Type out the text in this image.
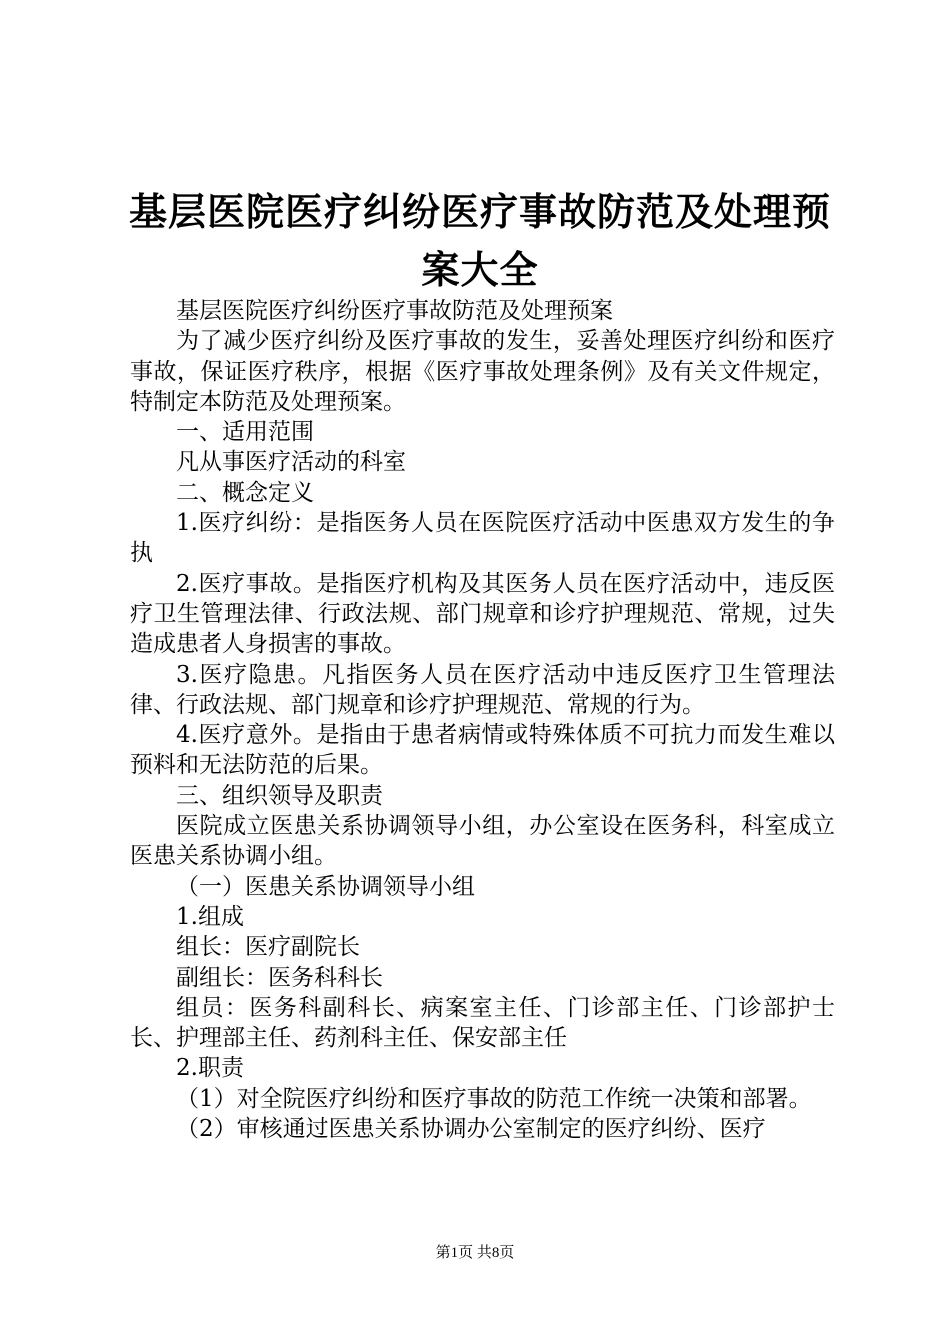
基层医院医疗纠纷医疗事故防范及处理预案大全

基层医院医疗纠纷医疗事故防范及处理预案

为了减少医疗纠纷及医疗事故的发生，妥善处理医疗纠纷和医疗事故，保证医疗秩序，根据《医疗事故处理条例》及有关文件规定，特制定本防范及处理预案。

一、适用范围

凡从事医疗活动的科室

二、概念定义

1.医疗纠纷：是指医务人员在医院医疗活动中医患双方发生的争执

2.医疗事故。是指医疗机构及其医务人员在医疗活动中，违反医疗卫生管理法律、行政法规、部门规章和诊疗护理规范、常规，过失造成患者人身损害的事故。

3.医疗隐患。凡指医务人员在医疗活动中违反医疗卫生管理法律、行政法规、部门规章和诊疗护理规范、常规的行为。

4.医疗意外。是指由于患者病情或特殊体质不可抗力而发生难以预料和无法防范的后果。

三、组织领导及职责

医院成立医患关系协调领导小组，办公室设在医务科，科室成立医患关系协调小组。

（一）医患关系协调领导小组

1.组成

组长：医疗副院长

副组长：医务科科长

组员：医务科副科长、病案室主任、门诊部主任、门诊部护士长、护理部主任、药剂科主任、保安部主任

2.职责

（1）对全院医疗纠纷和医疗事故的防范工作统一决策和部署。

（2）审核通过医患关系协调办公室制定的医疗纠纷、医疗

第1页 共8页
